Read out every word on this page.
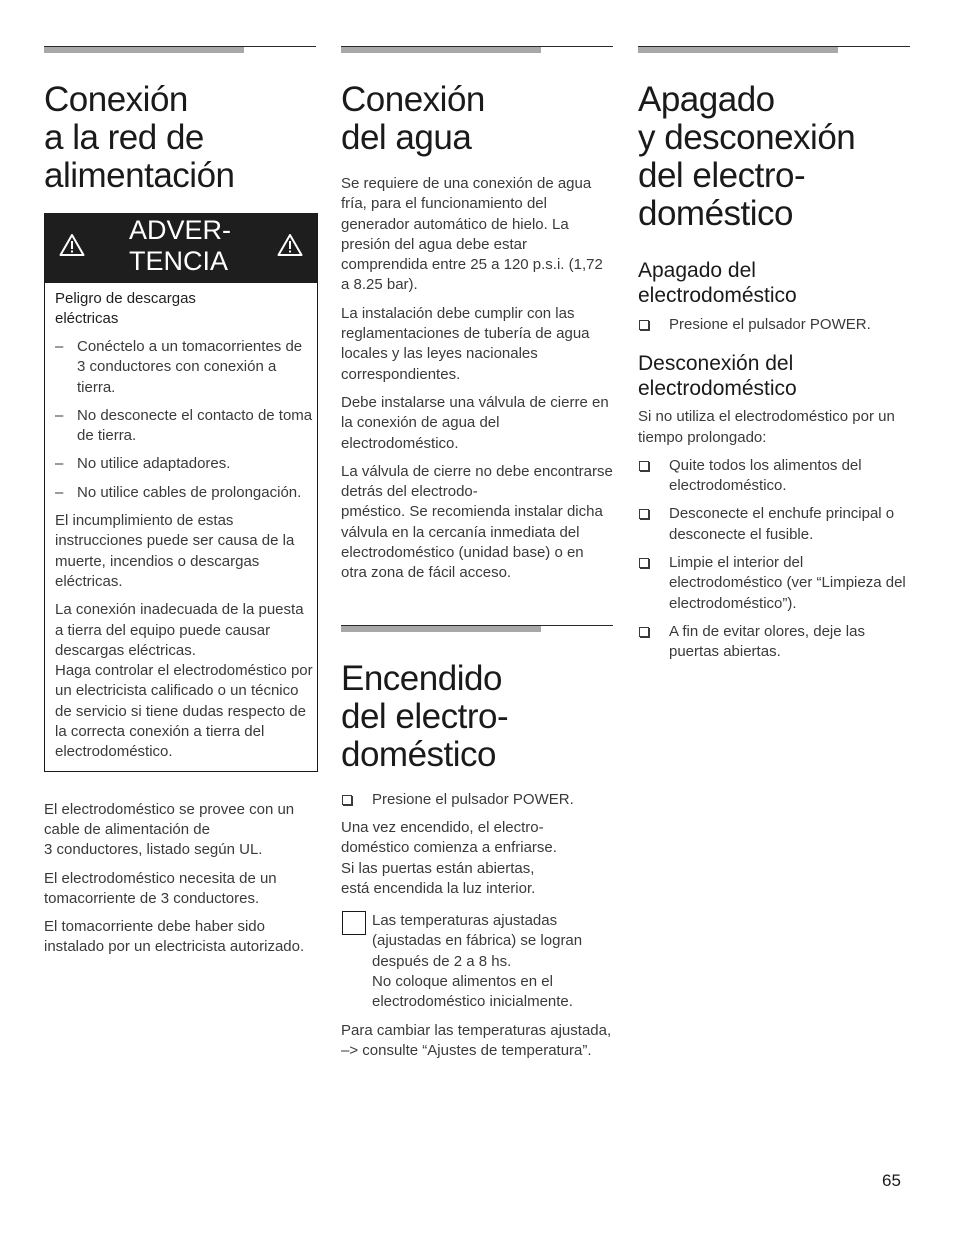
Conexión
a la red de
alimentación
ADVER-
TENCIA
Peligro de descargas
eléctricas
– Conéctelo a un tomacorrientes de 3 conductores con conexión a tierra.
– No desconecte el contacto de toma de tierra.
– No utilice adaptadores.
– No utilice cables de prolongación.

El incumplimiento de estas instrucciones puede ser causa de la muerte, incendios o descargas eléctricas.

La conexión inadecuada de la puesta a tierra del equipo puede causar descargas eléctricas.
Haga controlar el electrodoméstico por un electricista calificado o un técnico de servicio si tiene dudas respecto de la correcta conexión a tierra del electrodoméstico.

El electrodoméstico se provee con un cable de alimentación de
3 conductores, listado según UL.

El electrodoméstico necesita de un tomacorriente de 3 conductores.

El tomacorriente debe haber sido instalado por un electricista autorizado.

Conexión
del agua

Se requiere de una conexión de agua fría, para el funcionamiento del generador automático de hielo. La presión del agua debe estar comprendida entre 25 a 120 p.s.i. (1,72 a 8.25 bar).

La instalación debe cumplir con las reglamentaciones de tubería de agua locales y las leyes nacionales correspondientes.

Debe instalarse una válvula de cierre en la conexión de agua del electrodoméstico.

La válvula de cierre no debe encontrarse detrás del electrodo-
pméstico. Se recomienda instalar dicha válvula en la cercanía inmediata del electrodoméstico (unidad base) o en otra zona de fácil acceso.

Encendido
del electro-
doméstico
Presione el pulsador POWER.

Una vez encendido, el electro-
doméstico comienza a enfriarse.
Si las puertas están abiertas,
está encendida la luz interior.

Las temperaturas ajustadas (ajustadas en fábrica) se logran después de 2 a 8 hs.
No coloque alimentos en el electrodoméstico inicialmente.

Para cambiar las temperaturas ajustada, –> consulte “Ajustes de temperatura”.

Apagado
y desconexión
del electro-
doméstico
Apagado del
electrodoméstico
Presione el pulsador POWER.
Desconexión del
electrodoméstico

Si no utiliza el electrodoméstico por un tiempo prolongado:

Quite todos los alimentos del electrodoméstico.
Desconecte el enchufe principal o desconecte el fusible.
Limpie el interior del electrodoméstico (ver “Limpieza del electrodoméstico”).
A fin de evitar olores, deje las puertas abiertas.
65
